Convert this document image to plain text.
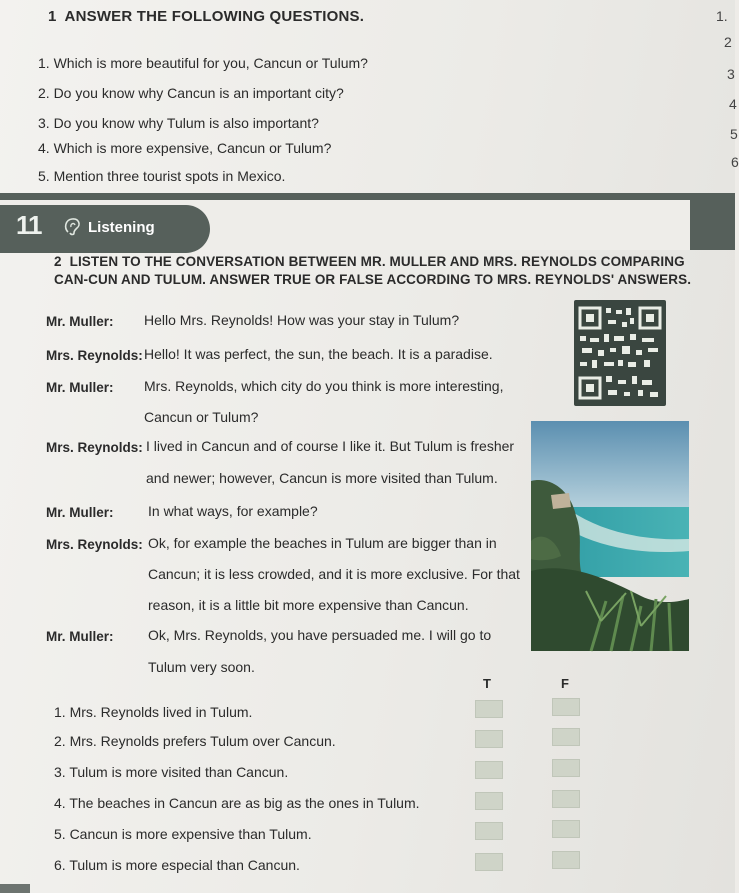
1 ANSWER THE FOLLOWING QUESTIONS.
1. Which is more beautiful for you, Cancun or Tulum?
2. Do you know why Cancun is an important city?
3. Do you know why Tulum is also important?
4. Which is more expensive, Cancun or Tulum?
5. Mention three tourist spots in Mexico.
1.
2
3
4
5
6
11	Listening
2 LISTEN TO THE CONVERSATION BETWEEN MR. MULLER AND MRS. REYNOLDS COMPARING CAN-CUN AND TULUM. ANSWER TRUE OR FALSE ACCORDING TO MRS. REYNOLDS' ANSWERS.
Mr. Muller: Hello Mrs. Reynolds! How was your stay in Tulum?
Mrs. Reynolds: Hello! It was perfect, the sun, the beach. It is a paradise.
Mr. Muller: Mrs. Reynolds, which city do you think is more interesting,
Cancun or Tulum?
Mrs. Reynolds: I lived in Cancun and of course I like it. But Tulum is fresher
and newer; however, Cancun is more visited than Tulum.
Mr. Muller: In what ways, for example?
Mrs. Reynolds: Ok, for example the beaches in Tulum are bigger than in
Cancun; it is less crowded, and it is more exclusive. For that
reason, it is a little bit more expensive than Cancun.
Mr. Muller: Ok, Mrs. Reynolds, you have persuaded me. I will go to
Tulum very soon.
T	F
1. Mrs. Reynolds lived in Tulum.
2. Mrs. Reynolds prefers Tulum over Cancun.
3. Tulum is more visited than Cancun.
4. The beaches in Cancun are as big as the ones in Tulum.
5. Cancun is more expensive than Tulum.
6. Tulum is more especial than Cancun.
